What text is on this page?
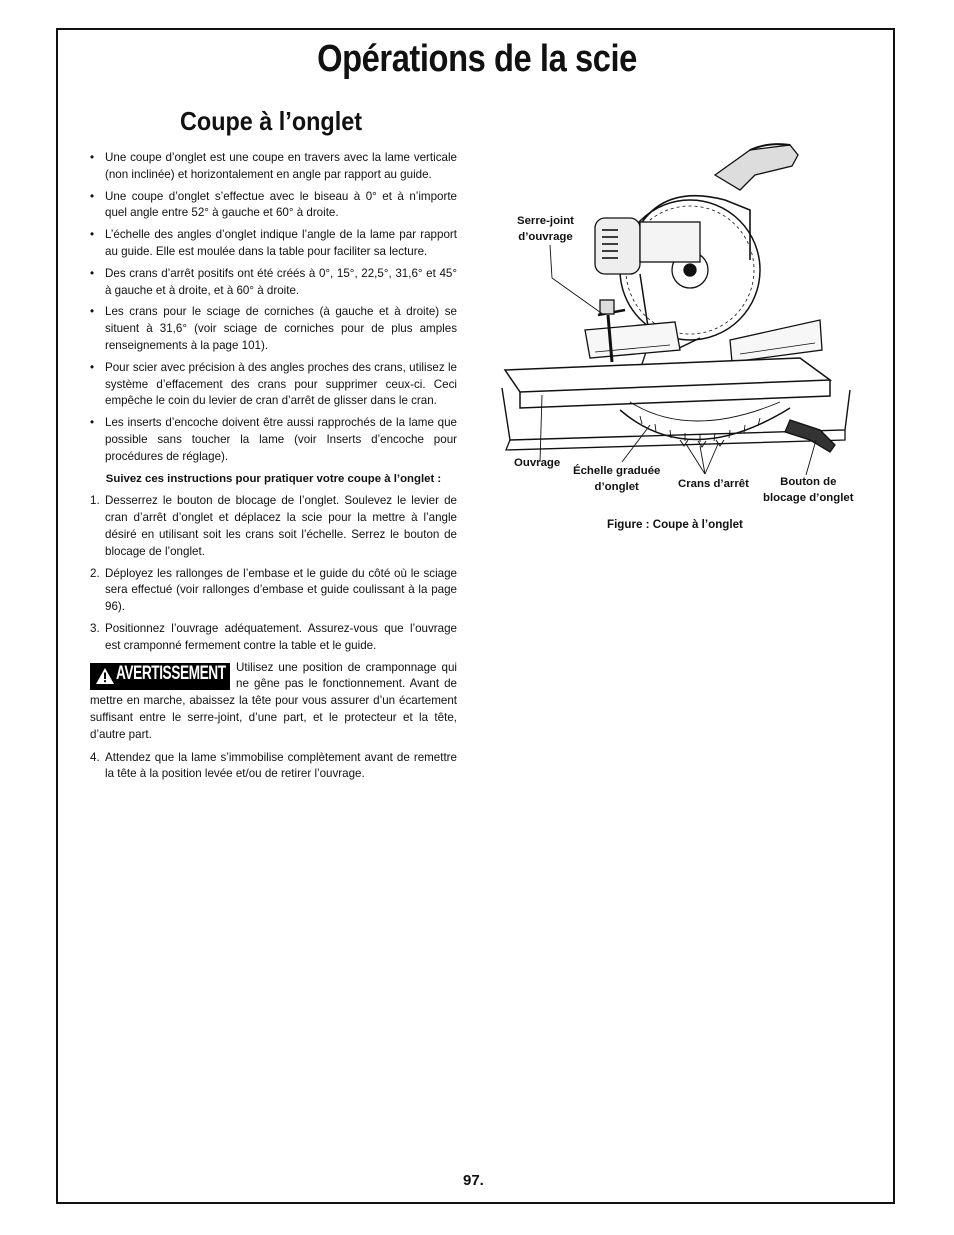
Opérations de la scie
Coupe à l’onglet
• Une coupe d’onglet est une coupe en travers avec la lame verticale (non inclinée) et horizontalement en angle par rapport au guide.
• Une coupe d’onglet s’effectue avec le biseau à 0° et à n’importe quel angle entre 52° à gauche et 60° à droite.
• L’échelle des angles d’onglet indique l’angle de la lame par rapport au guide. Elle est moulée dans la table pour faciliter sa lecture.
• Des crans d’arrêt positifs ont été créés à 0°, 15°, 22,5°, 31,6° et 45° à gauche et à droite, et à 60° à droite.
• Les crans pour le sciage de corniches (à gauche et à droite) se situent à 31,6° (voir sciage de corniches pour de plus amples renseignements à la page 101).
• Pour scier avec précision à des angles proches des crans, utilisez le système d’effacement des crans pour supprimer ceux-ci. Ceci empêche le coin du levier de cran d’arrêt de glisser dans le cran.
• Les inserts d’encoche doivent être aussi rapprochés de la lame que possible sans toucher la lame (voir Inserts d’encoche pour procédures de réglage).
Suivez ces instructions pour pratiquer votre coupe à l’onglet :
1. Desserrez le bouton de blocage de l’onglet. Soulevez le levier de cran d’arrêt d’onglet et déplacez la scie pour la mettre à l’angle désiré en utilisant soit les crans soit l’échelle. Serrez le bouton de blocage de l’onglet.
2. Déployez les rallonges de l’embase et le guide du côté où le sciage sera effectué (voir rallonges d’embase et guide coulissant à la page 96).
3. Positionnez l’ouvrage adéquatement. Assurez-vous que l’ouvrage est cramponné fermement contre la table et le guide.
AVERTISSEMENT Utilisez une position de cramponnage qui ne gêne pas le fonctionnement. Avant de mettre en marche, abaissez la tête pour vous assurer d’un écartement suffisant entre le serre-joint, d’une part, et le protecteur et la tête, d’autre part.
4. Attendez que la lame s’immobilise complètement avant de remettre la tête à la position levée et/ou de retirer l’ouvrage.
Serre-joint
d’ouvrage
Ouvrage
Échelle graduée
d’onglet	Crans d’arrêt	Bouton de
blocage d’onglet
Figure : Coupe à l’onglet
97.
